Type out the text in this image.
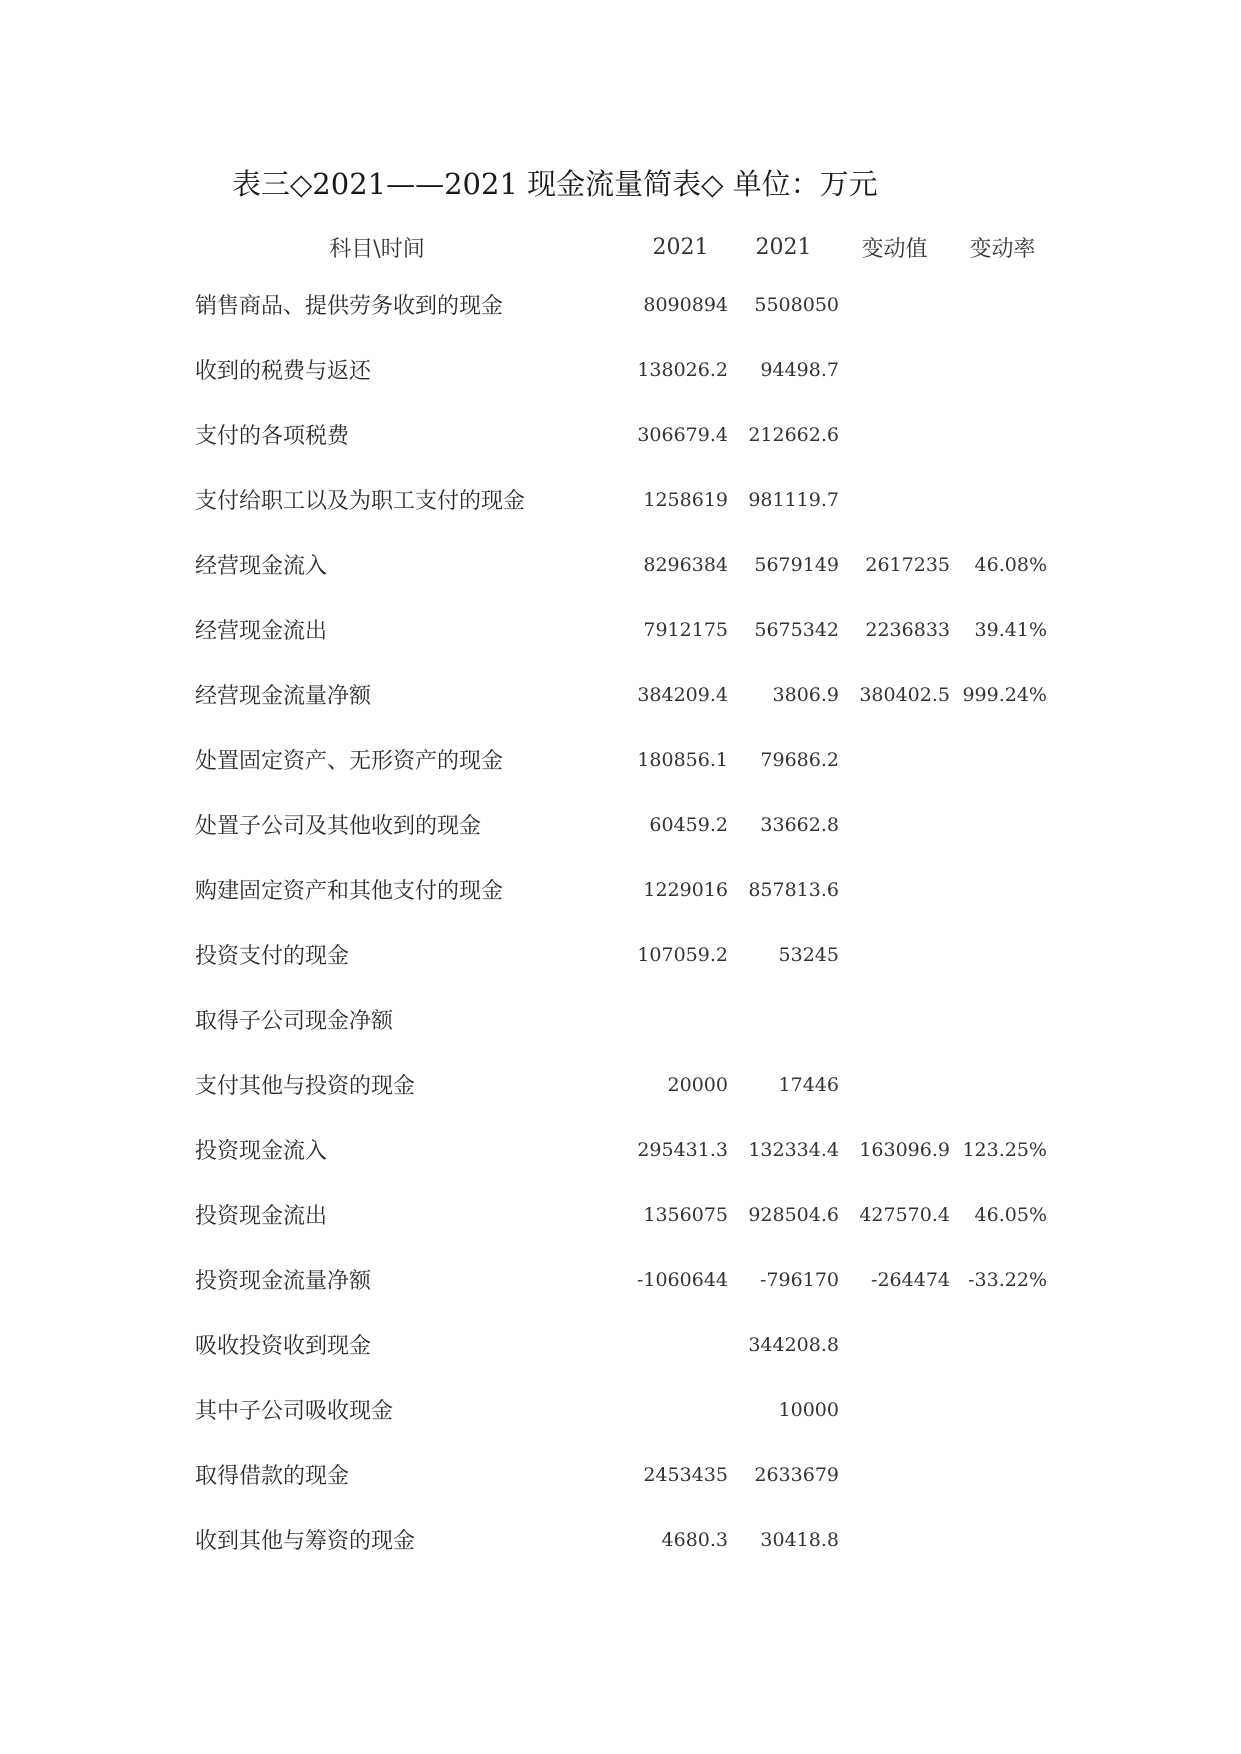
表三◇2021——2021 现金流量简表◇ 单位：万元
科目\时间	2021	2021	变动值	变动率
销售商品、提供劳务收到的现金	8090894	5508050		
收到的税费与返还	138026.2	94498.7		
支付的各项税费	306679.4	212662.6		
支付给职工以及为职工支付的现金	1258619	981119.7		
经营现金流入	8296384	5679149	2617235	46.08%
经营现金流出	7912175	5675342	2236833	39.41%
经营现金流量净额	384209.4	3806.9	380402.5	999.24%
处置固定资产、无形资产的现金	180856.1	79686.2		
处置子公司及其他收到的现金	60459.2	33662.8		
购建固定资产和其他支付的现金	1229016	857813.6		
投资支付的现金	107059.2	53245		
取得子公司现金净额				
支付其他与投资的现金	20000	17446		
投资现金流入	295431.3	132334.4	163096.9	123.25%
投资现金流出	1356075	928504.6	427570.4	46.05%
投资现金流量净额	-1060644	-796170	-264474	-33.22%
吸收投资收到现金		344208.8		
其中子公司吸收现金		10000		
取得借款的现金	2453435	2633679		
收到其他与筹资的现金	4680.3	30418.8		
